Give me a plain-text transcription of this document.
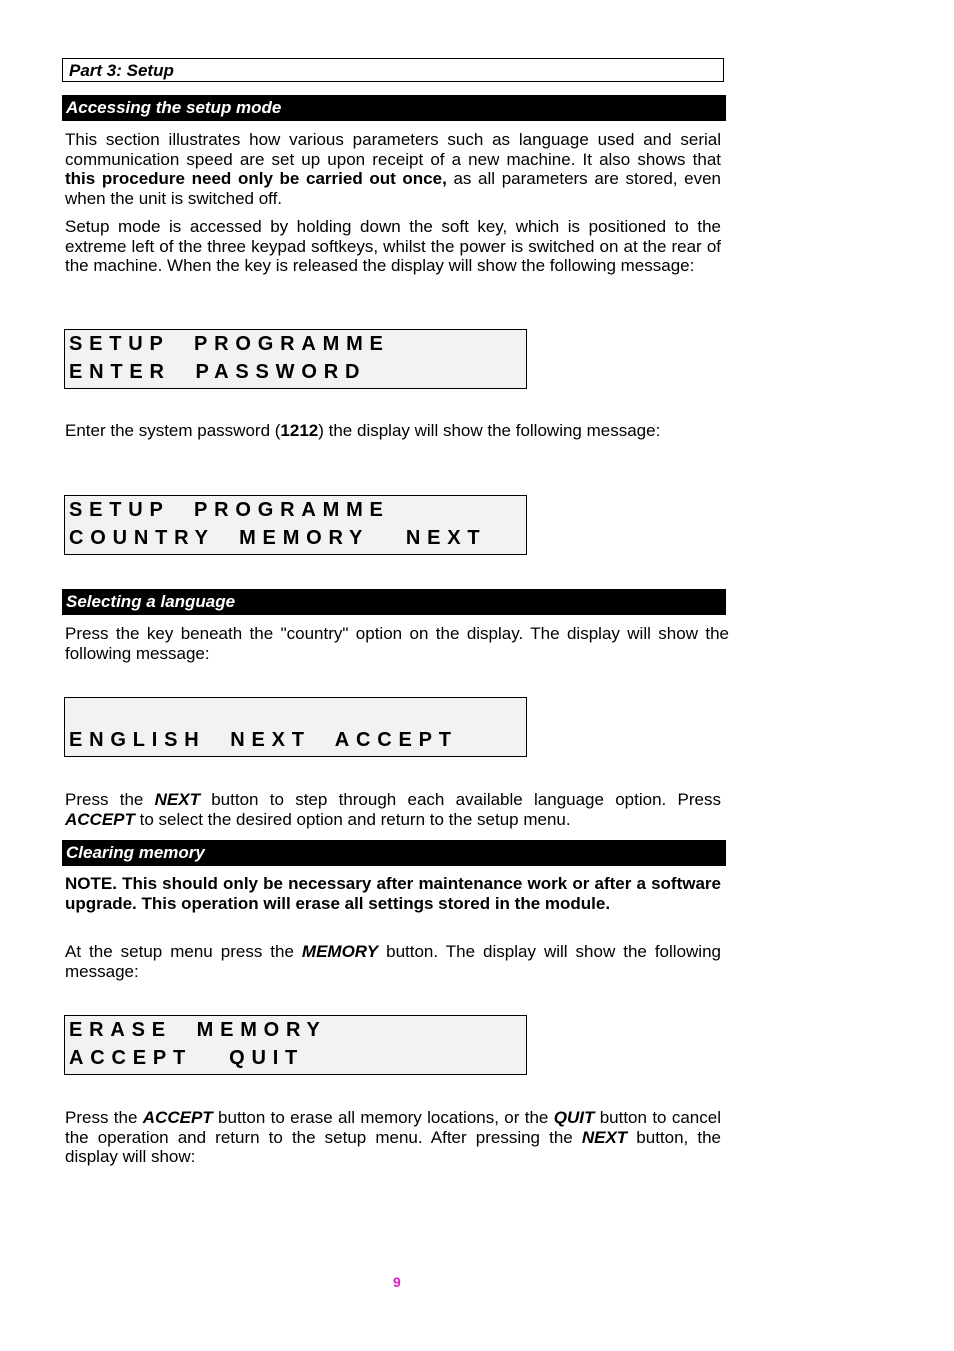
Part 3: Setup
Accessing the setup mode
This section illustrates how various parameters such as language used and serial communication speed are set up upon receipt of a new machine. It also shows that this procedure need only be carried out once, as all parameters are stored, even when the unit is switched off.
Setup mode is accessed by holding down the soft key, which is positioned to the extreme left of the three keypad softkeys, whilst the power is switched on at the rear of the machine. When the key is released the display will show the following message:

SETUP  PROGRAMME

ENTER  PASSWORD

Enter the system password (1212) the display will show the following message:

SETUP  PROGRAMME

COUNTRY  MEMORY   NEXT

Selecting a language
Press the key beneath the "country" option on the display. The display will show the following message:

ENGLISH  NEXT  ACCEPT

Press the NEXT button to step through each available language option. Press ACCEPT to select the desired option and return to the setup menu.
Clearing memory
NOTE. This should only be necessary after maintenance work or after a software upgrade. This operation will erase all settings stored in the module.
At the setup menu press the MEMORY button. The display will show the following message:

ERASE  MEMORY

ACCEPT   QUIT

Press the ACCEPT button to erase all memory locations, or the QUIT button to cancel the operation and return to the setup menu. After pressing the NEXT button, the display will show:
9
